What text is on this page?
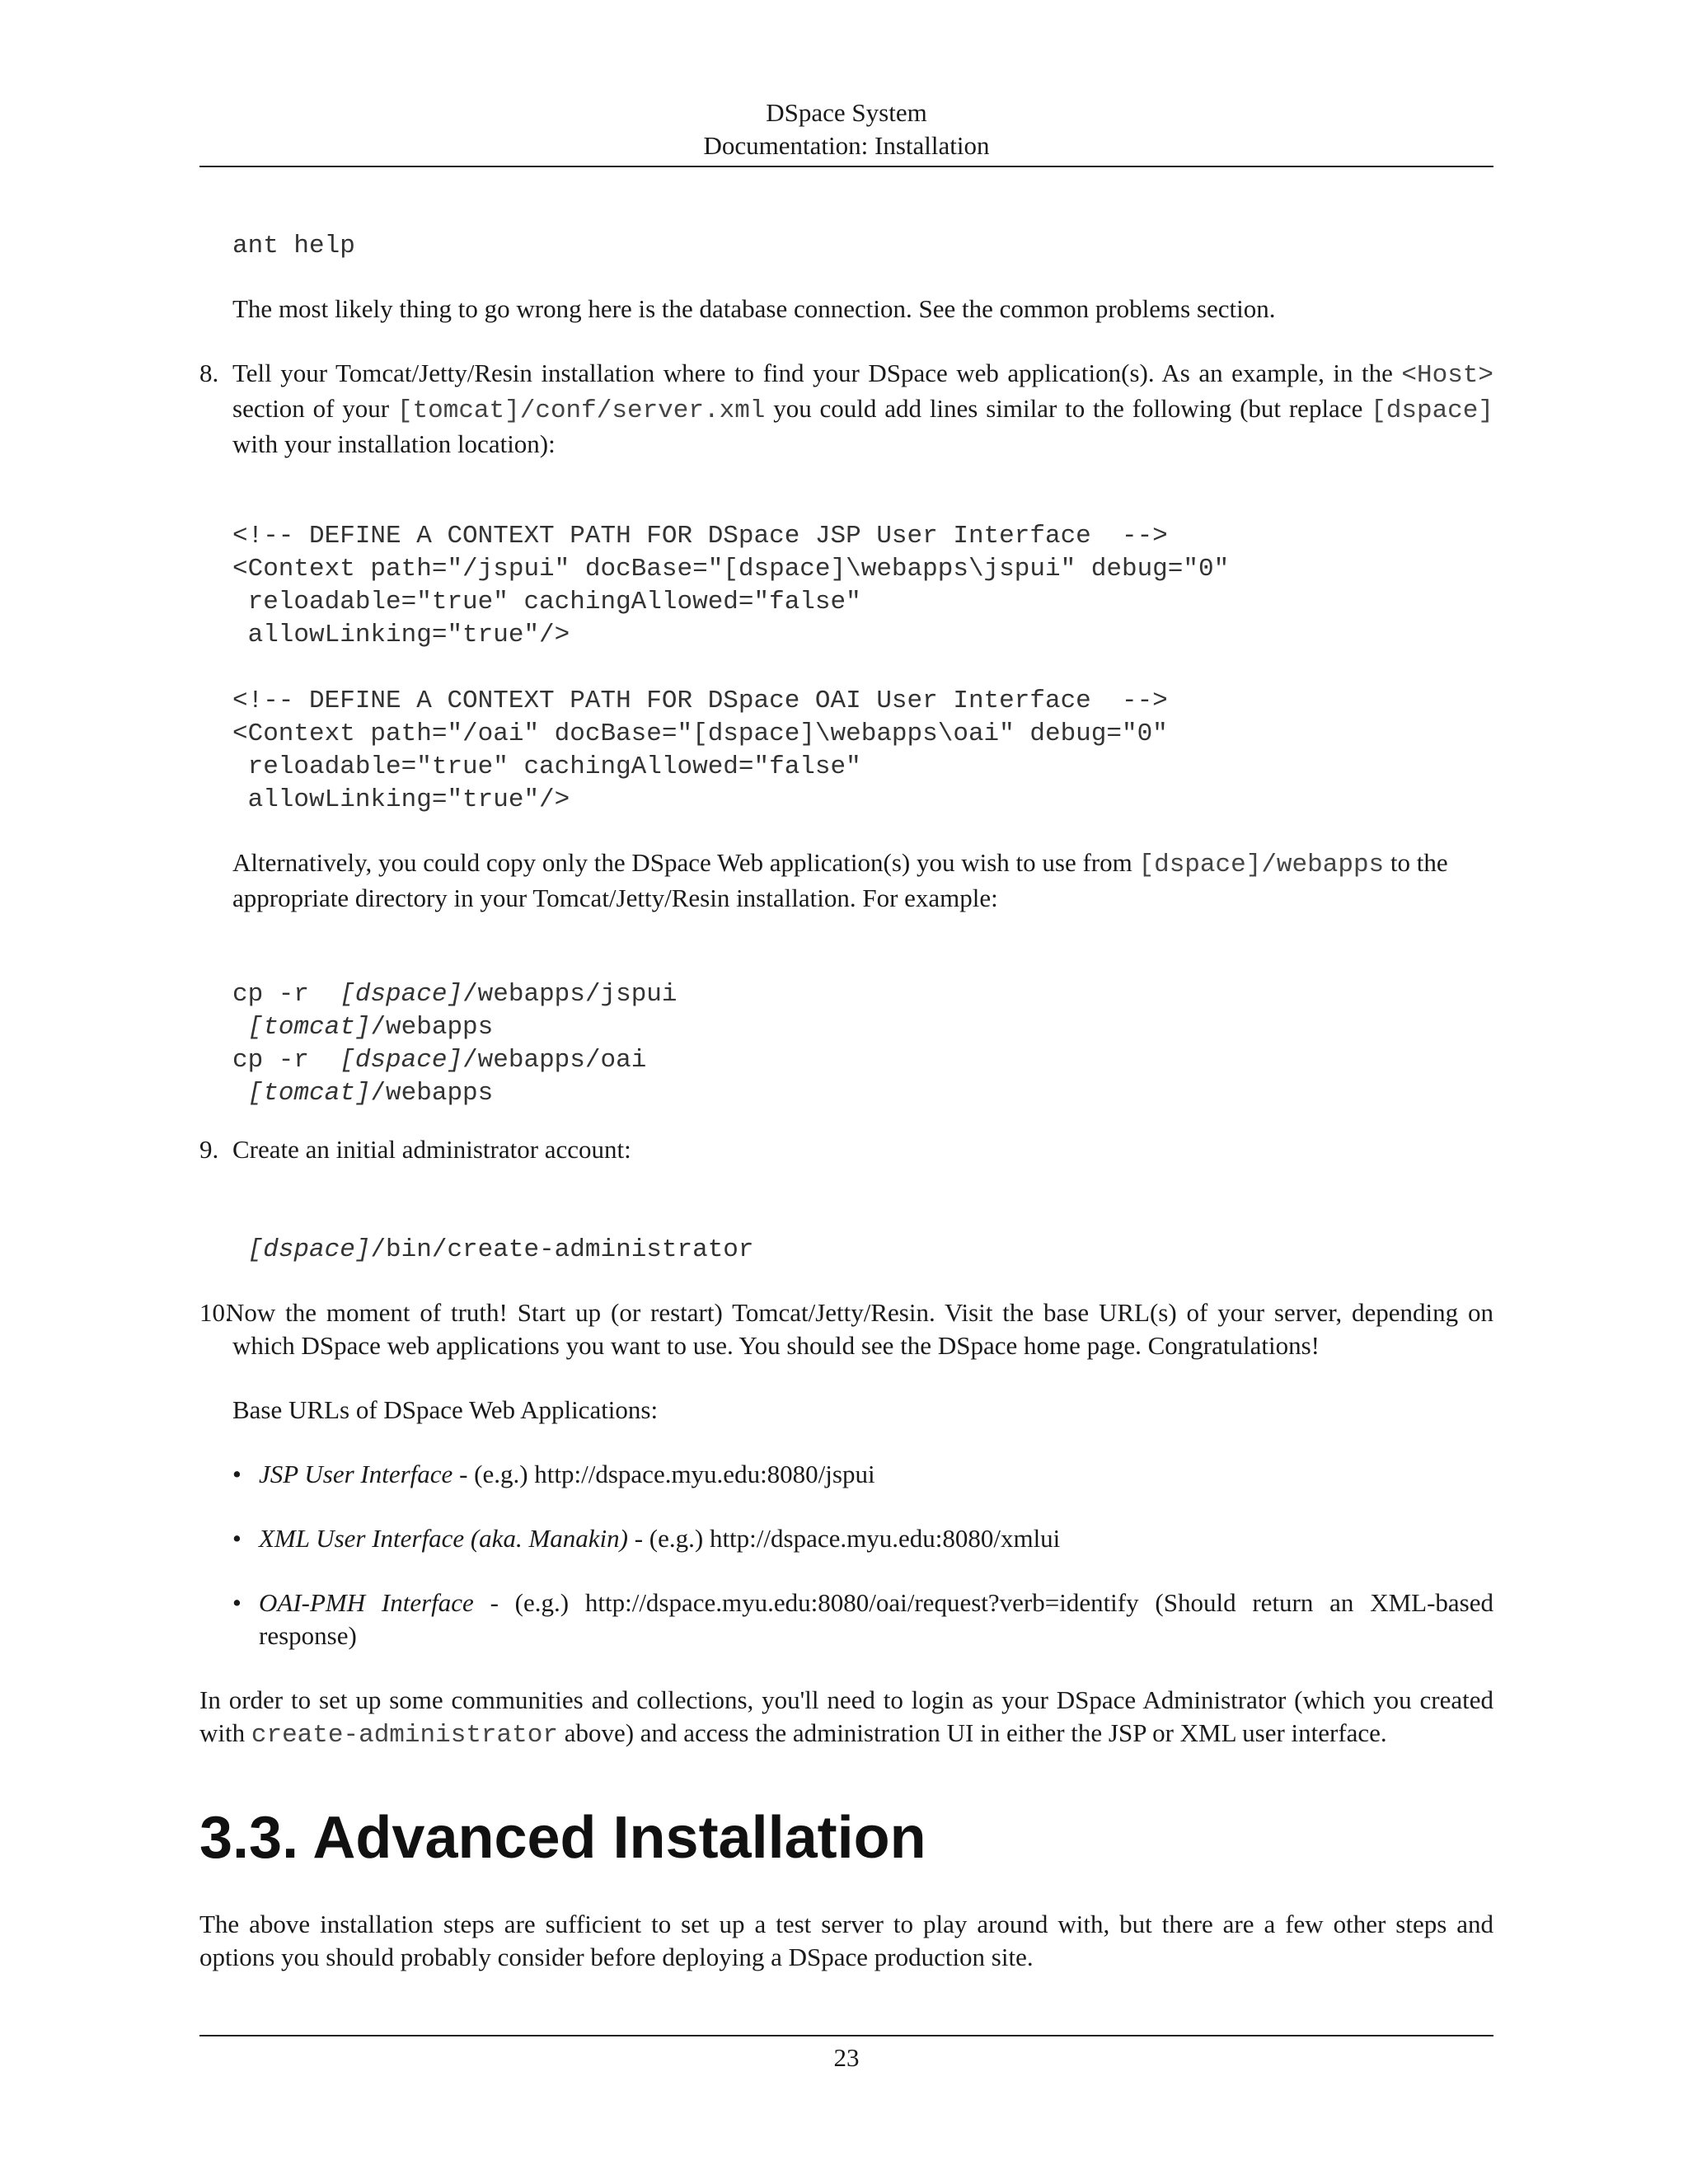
DSpace System
Documentation: Installation
ant help
The most likely thing to go wrong here is the database connection. See the common problems section.
8. Tell your Tomcat/Jetty/Resin installation where to find your DSpace web application(s). As an example, in the <Host> section of your [tomcat]/conf/server.xml you could add lines similar to the following (but replace [dspace] with your installation location):
<!-- DEFINE A CONTEXT PATH FOR DSpace JSP User Interface  -->
<Context path="/jspui" docBase="[dspace]\webapps\jspui" debug="0"
reloadable="true" cachingAllowed="false"
allowLinking="true"/>

<!-- DEFINE A CONTEXT PATH FOR DSpace OAI User Interface  -->
<Context path="/oai" docBase="[dspace]\webapps\oai" debug="0"
reloadable="true" cachingAllowed="false"
allowLinking="true"/>
Alternatively, you could copy only the DSpace Web application(s) you wish to use from [dspace]/webapps to the appropriate directory in your Tomcat/Jetty/Resin installation. For example:
cp -r  [dspace]/webapps/jspui
[tomcat]/webapps
cp -r  [dspace]/webapps/oai
[tomcat]/webapps
9. Create an initial administrator account:
[dspace]/bin/create-administrator
10.
Now the moment of truth! Start up (or restart) Tomcat/Jetty/Resin. Visit the base URL(s) of your server, depending on which DSpace web applications you want to use. You should see the DSpace home page. Congratulations!
Base URLs of DSpace Web Applications:
• JSP User Interface - (e.g.) http://dspace.myu.edu:8080/jspui
• XML User Interface (aka. Manakin) - (e.g.) http://dspace.myu.edu:8080/xmlui
• OAI-PMH Interface - (e.g.) http://dspace.myu.edu:8080/oai/request?verb=identify (Should return an XML-based response)
In order to set up some communities and collections, you'll need to login as your DSpace Administrator (which you created with create-administrator above) and access the administration UI in either the JSP or XML user interface.
3.3. Advanced Installation
The above installation steps are sufficient to set up a test server to play around with, but there are a few other steps and options you should probably consider before deploying a DSpace production site.
23
